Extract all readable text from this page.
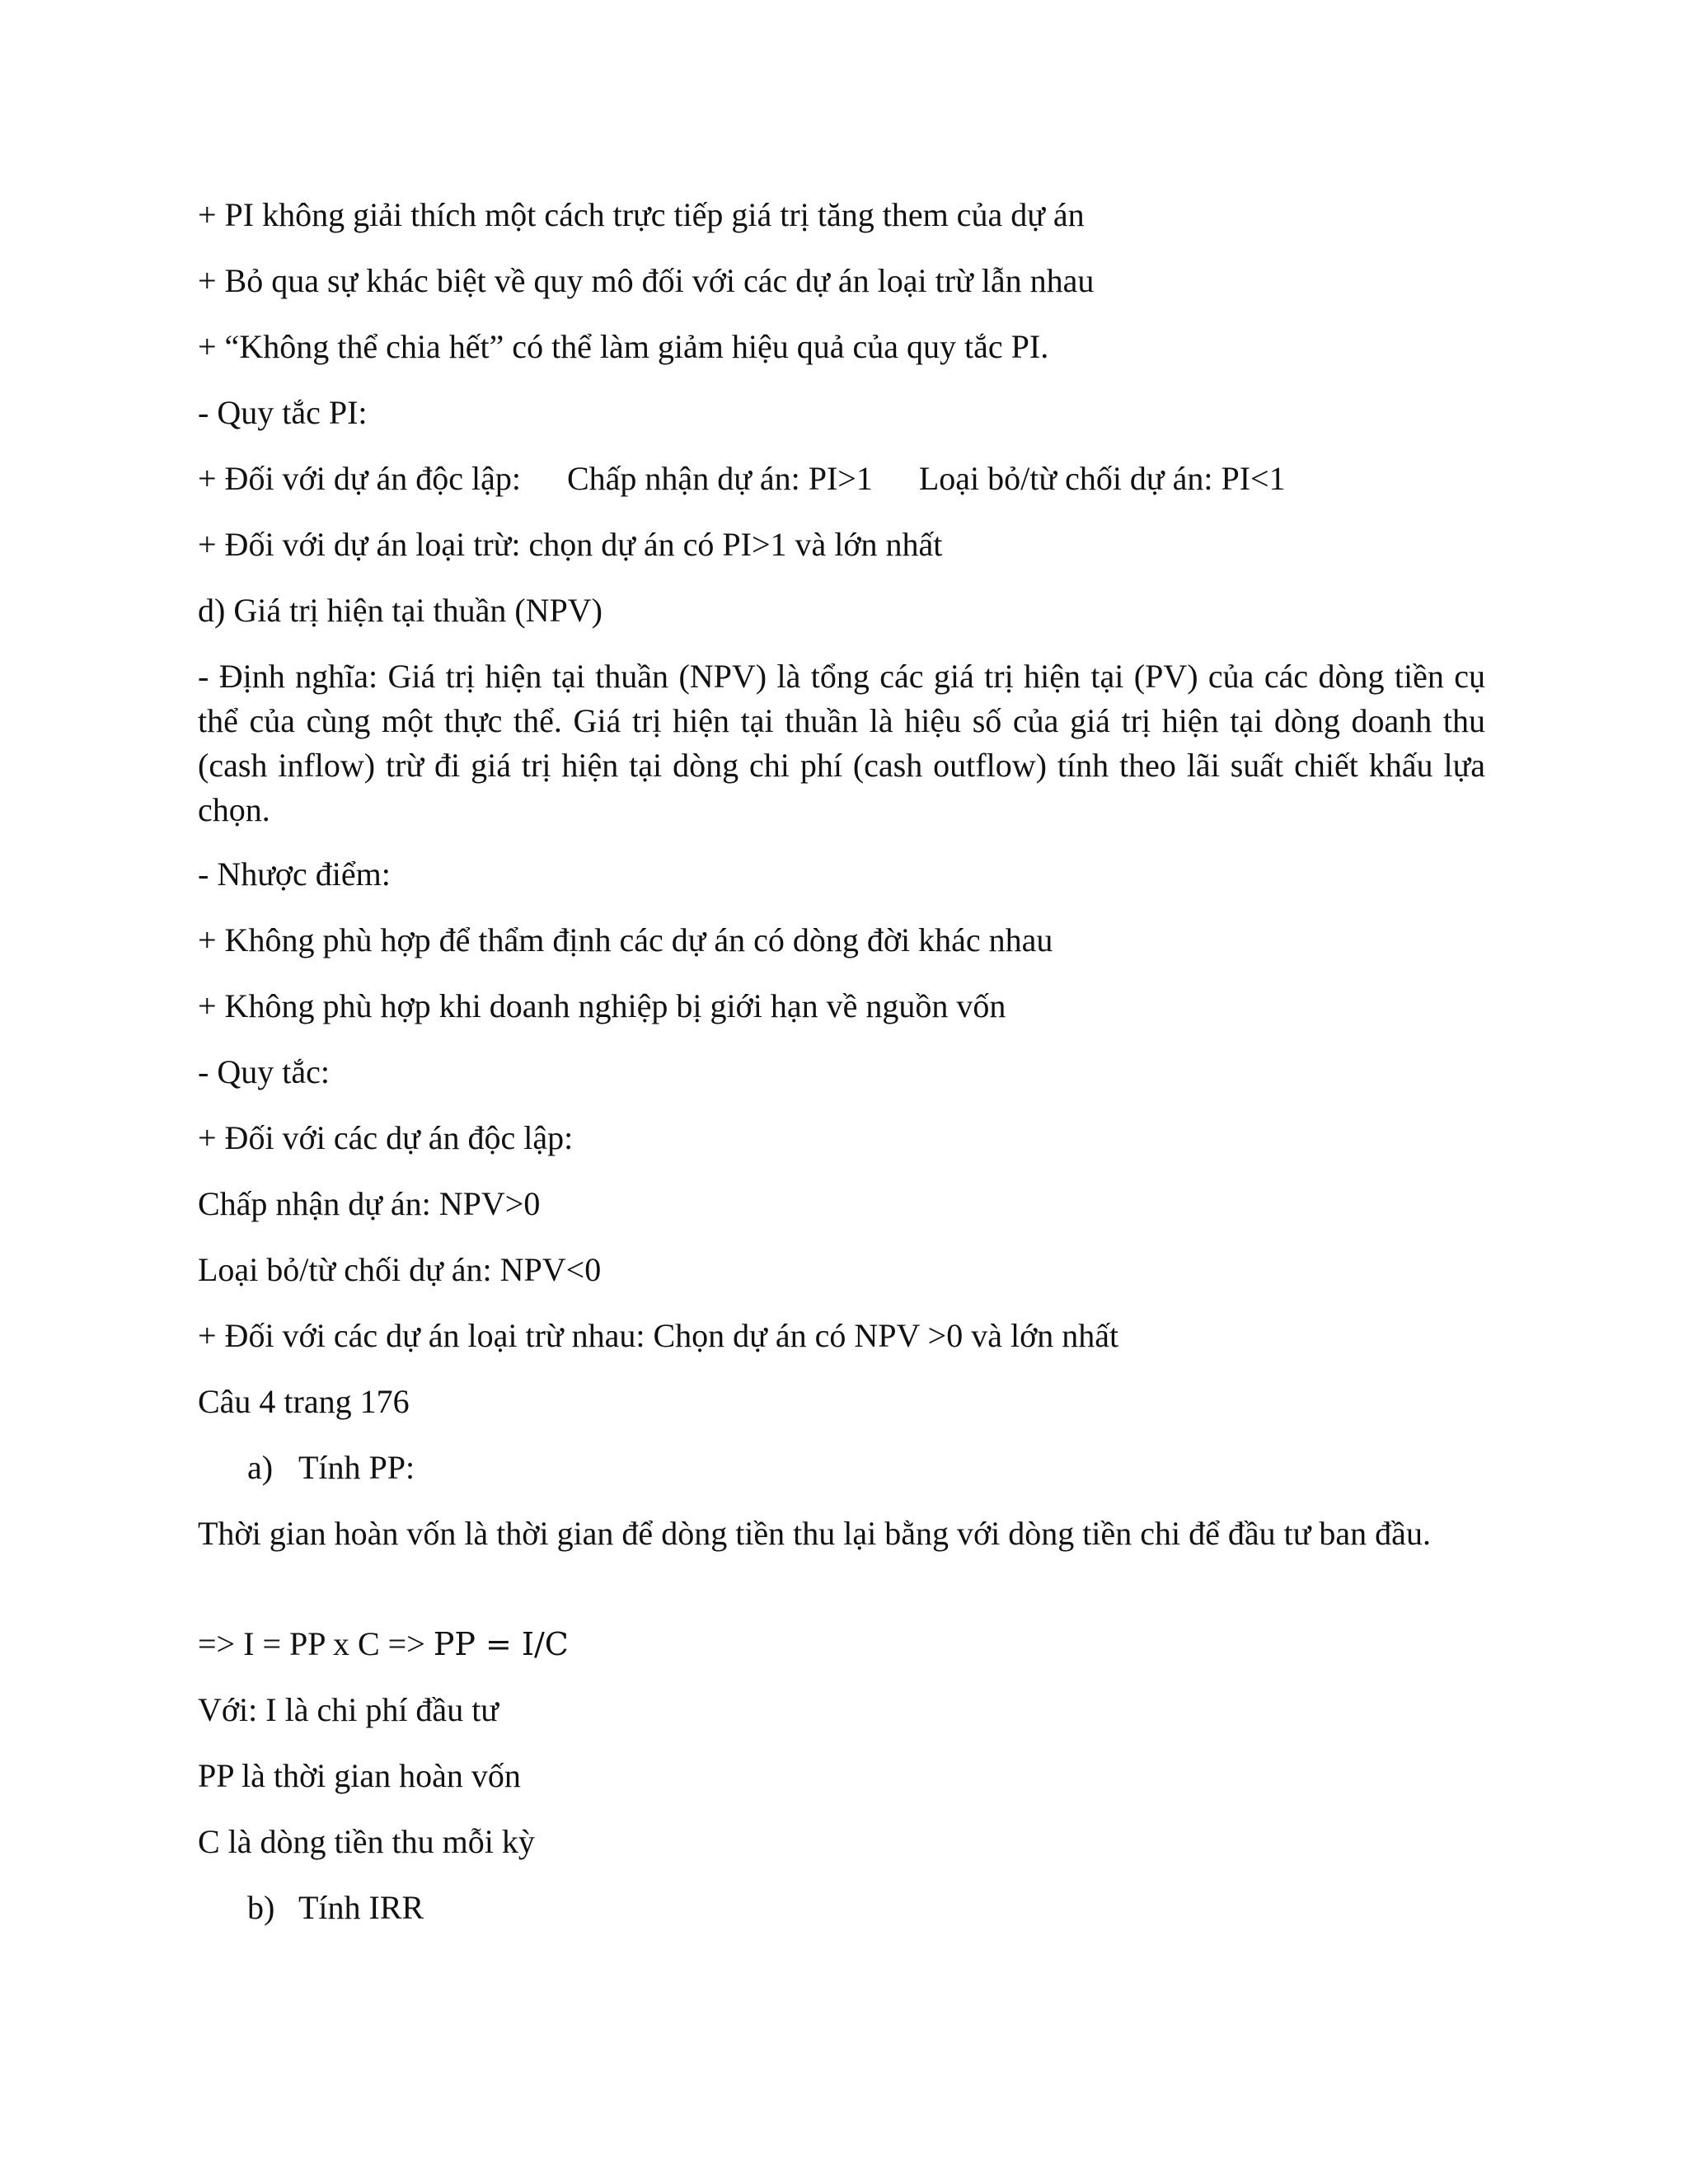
+ PI không giải thích một cách trực tiếp giá trị tăng them của dự án
+ Bỏ qua sự khác biệt về quy mô đối với các dự án loại trừ lẫn nhau
+ “Không thể chia hết” có thể làm giảm hiệu quả của quy tắc PI.
- Quy tắc PI:
+ Đối với dự án độc lập: Chấp nhận dự án: PI>1 Loại bỏ/từ chối dự án: PI<1
+ Đối với dự án loại trừ: chọn dự án có PI>1 và lớn nhất
d) Giá trị hiện tại thuần (NPV)
- Định nghĩa: Giá trị hiện tại thuần (NPV) là tổng các giá trị hiện tại (PV) của các dòng tiền cụ thể của cùng một thực thể. Giá trị hiện tại thuần là hiệu số của giá trị hiện tại dòng doanh thu (cash inflow) trừ đi giá trị hiện tại dòng chi phí (cash outflow) tính theo lãi suất chiết khấu lựa chọn.
- Nhược điểm:
+ Không phù hợp để thẩm định các dự án có dòng đời khác nhau
+ Không phù hợp khi doanh nghiệp bị giới hạn về nguồn vốn
- Quy tắc:
+ Đối với các dự án độc lập:
Chấp nhận dự án: NPV>0
Loại bỏ/từ chối dự án: NPV<0
+ Đối với các dự án loại trừ nhau: Chọn dự án có NPV >0 và lớn nhất
Câu 4 trang 176
a) Tính PP:
Thời gian hoàn vốn là thời gian để dòng tiền thu lại bằng với dòng tiền chi để đầu tư ban đầu.
=> I = PP x C => PP = I/C
Với: I là chi phí đầu tư
PP là thời gian hoàn vốn
C là dòng tiền thu mỗi kỳ
b) Tính IRR
